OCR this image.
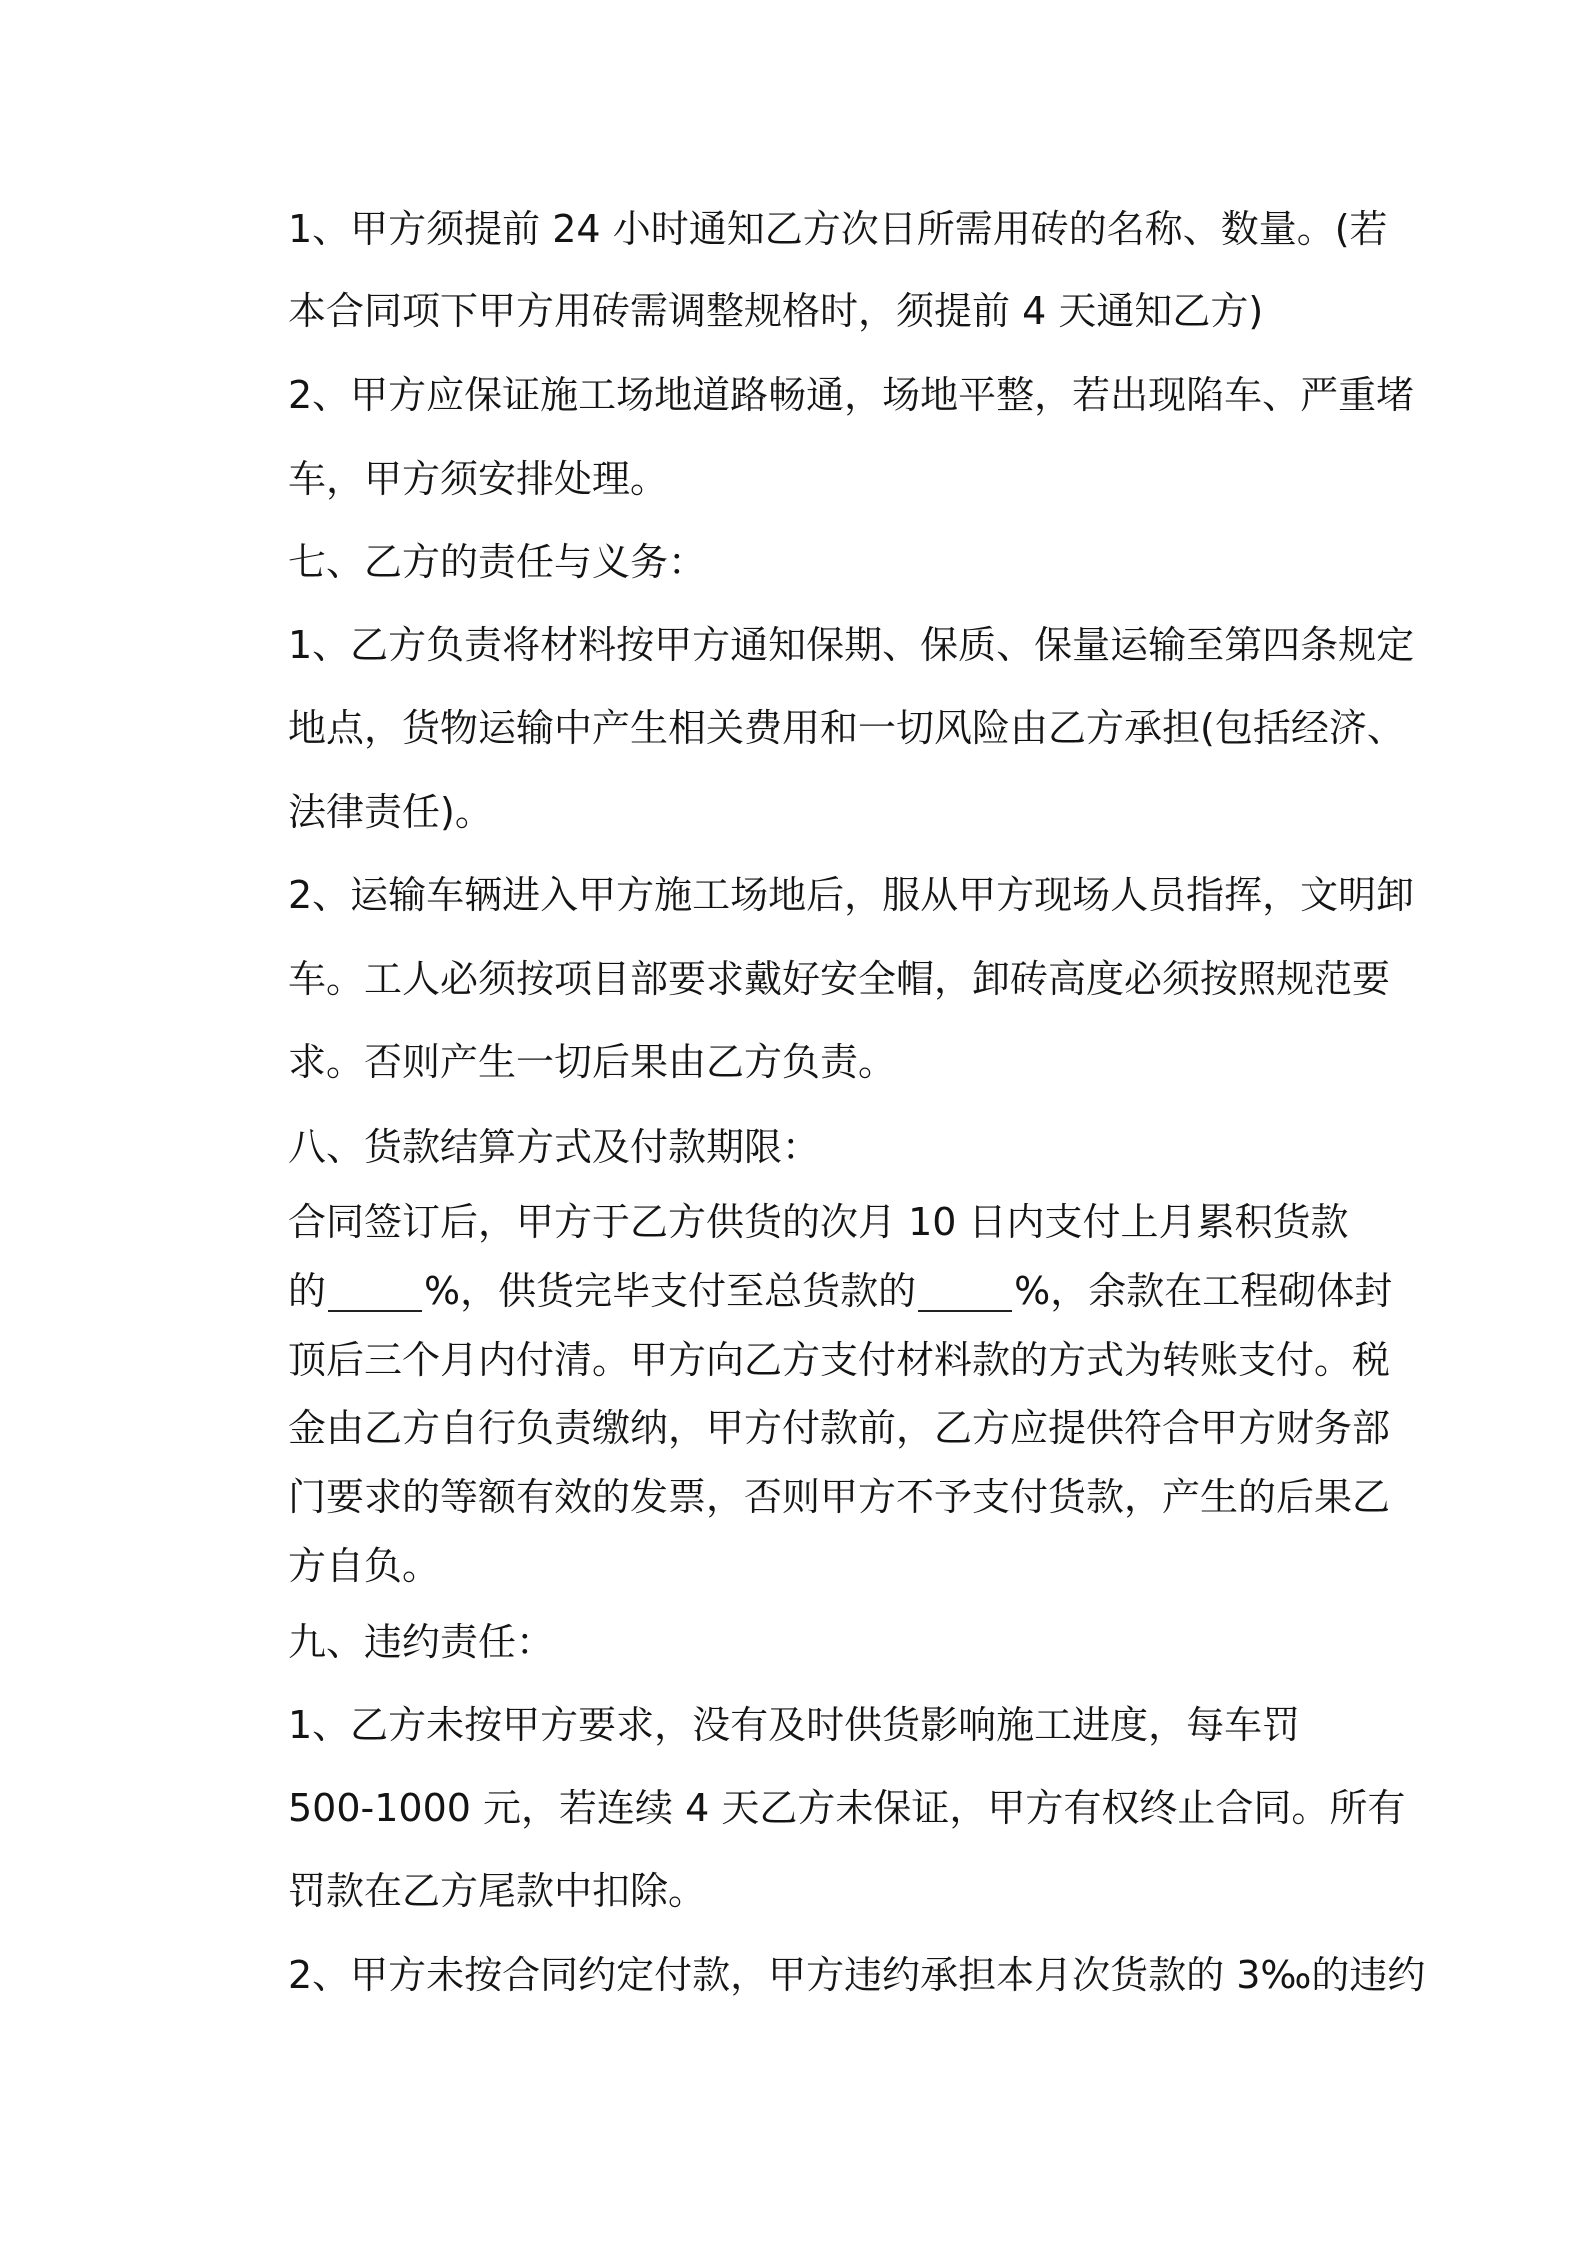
1、甲方须提前 24 小时通知乙方次日所需用砖的名称、数量。(若
本合同项下甲方用砖需调整规格时，须提前 4 天通知乙方)
2、甲方应保证施工场地道路畅通，场地平整，若出现陷车、严重堵
车，甲方须安排处理。
七、乙方的责任与义务：
1、乙方负责将材料按甲方通知保期、保质、保量运输至第四条规定
地点，货物运输中产生相关费用和一切风险由乙方承担(包括经济、
法律责任)。
2、运输车辆进入甲方施工场地后，服从甲方现场人员指挥，文明卸
车。工人必须按项目部要求戴好安全帽，卸砖高度必须按照规范要
求。否则产生一切后果由乙方负责。
八、货款结算方式及付款期限：
合同签订后，甲方于乙方供货的次月 10 日内支付上月累积货款
的	%，供货完毕支付至总货款的	%，余款在工程砌体封
顶后三个月内付清。甲方向乙方支付材料款的方式为转账支付。税
金由乙方自行负责缴纳，甲方付款前，乙方应提供符合甲方财务部
门要求的等额有效的发票，否则甲方不予支付货款，产生的后果乙
方自负。
九、违约责任：
1、乙方未按甲方要求，没有及时供货影响施工进度，每车罚
500-1000 元，若连续 4 天乙方未保证，甲方有权终止合同。所有
罚款在乙方尾款中扣除。
2、甲方未按合同约定付款，甲方违约承担本月次货款的 3‰的违约
